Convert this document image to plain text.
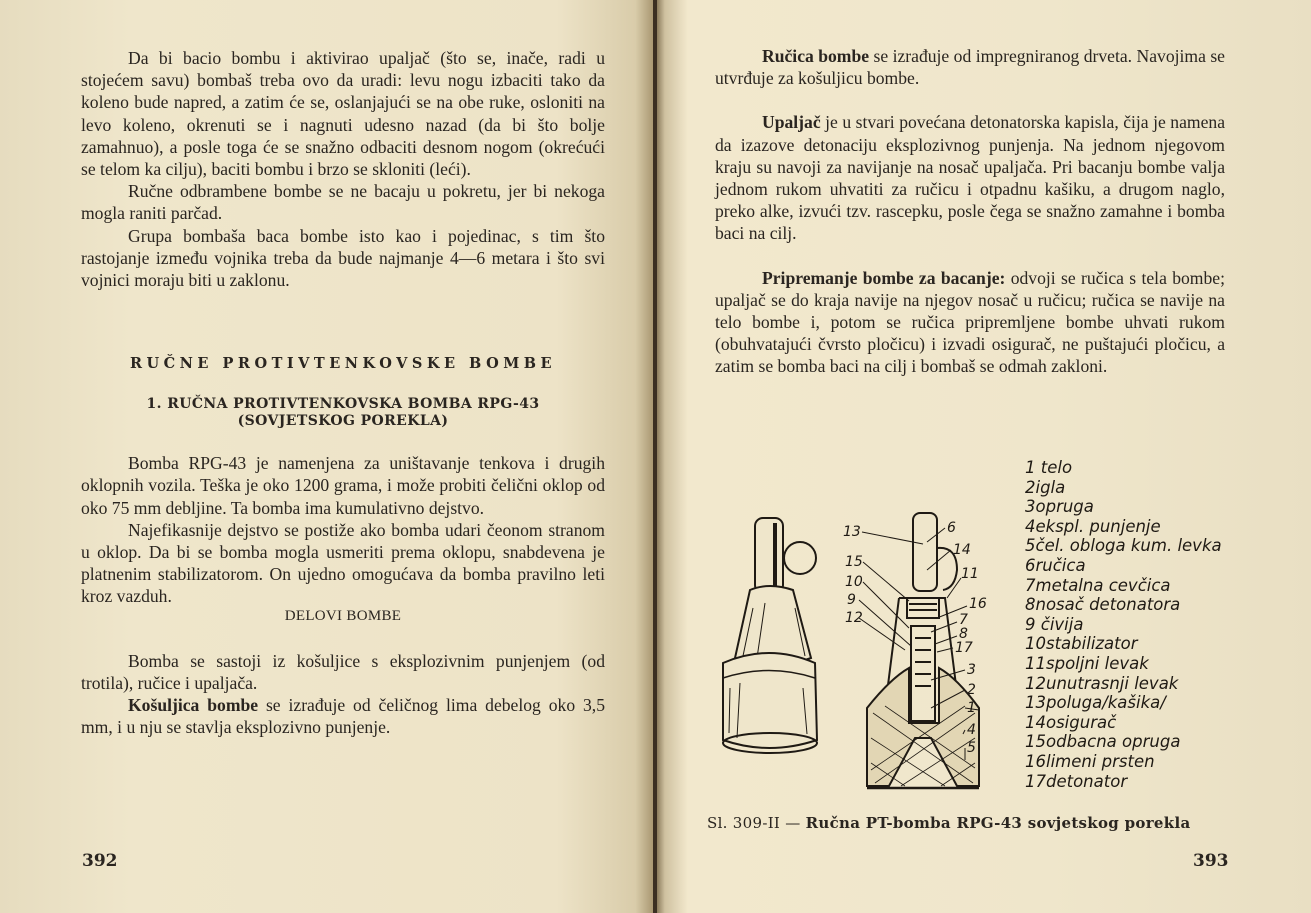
Da bi bacio bombu i aktivirao upaljač (što se, inače, radi u stojećem savu) bombaš treba ovo da uradi: levu nogu izbaciti tako da koleno bude napred, a zatim će se, oslanjajući se na obe ruke, osloniti na levo koleno, okrenuti se i nagnuti udesno nazad (da bi što bolje zamahnuo), a posle toga će se snažno odbaciti desnom nogom (okrećući se telom ka cilju), baciti bombu i brzo se skloniti (leći).

Ručne odbrambene bombe se ne bacaju u pokretu, jer bi nekoga mogla raniti parčad.

Grupa bombaša baca bombe isto kao i pojedinac, s tim što rastojanje između vojnika treba da bude najmanje 4—6 metara i što svi vojnici moraju biti u zaklonu.

RUČNE PROTIVTENKOVSKE BOMBE
1. RUČNA PROTIVTENKOVSKA BOMBA RPG-43
(SOVJETSKOG POREKLA)

Bomba RPG-43 je namenjena za uništavanje tenkova i drugih oklopnih vozila. Teška je oko 1200 grama, i može probiti čelični oklop od oko 75 mm debljine. Ta bomba ima kumulativno dejstvo.

Najefikasnije dejstvo se postiže ako bomba udari čeonom stranom u oklop. Da bi se bomba mogla usmeriti prema oklopu, snabdevena je platnenim stabilizatorom. On ujedno omogućava da bomba pravilno leti kroz vazduh.

DELOVI BOMBE

Bomba se sastoji iz košuljice s eksplozivnim punjenjem (od trotila), ručice i upaljača.

Košuljica bombe se izrađuje od čeličnog lima debelog oko 3,5 mm, i u nju se stavlja eksplozivno punjenje.

392

Ručica bombe se izrađuje od impregniranog drveta. Navojima se utvrđuje za košuljicu bombe.

Upaljač je u stvari povećana detonatorska kapisla, čija je namena da izazove detonaciju eksplozivnog punjenja. Na jednom njegovom kraju su navoji za navijanje na nosač upaljača. Pri bacanju bombe valja jednom rukom uhvatiti za ručicu i otpadnu kašiku, a drugom naglo, preko alke, izvući tzv. rascepku, posle čega se snažno zamahne i bomba baci na cilj.

Pripremanje bombe za bacanje: odvoji se ručica s tela bombe; upaljač se do kraja navije na njegov nosač u ručicu; ručica se navije na telo bombe i, potom se ručica pripremljene bombe uhvati rukom (obuhvatajući čvrsto pločicu) i izvadi osigurač, ne puštajući pločicu, a zatim se bomba baci na cilj i bombaš se odmah zakloni.

13	6
14
15
11
16
10
7
9
8
12
17
3
2
1
4
5
1 telo
2igla
3opruga
4ekspl. punjenje
5čel. obloga kum. levka
6ručica
7metalna cevčica
8nosač detonatora
9 čivija
10stabilizator
11spoljni levak
12unutrasnji levak
13poluga/kašika/
14osigurač
15odbacna opruga
16limeni prsten
17detonator
Sl. 309-II — Ručna PT-bomba RPG-43 sovjetskog porekla
393
